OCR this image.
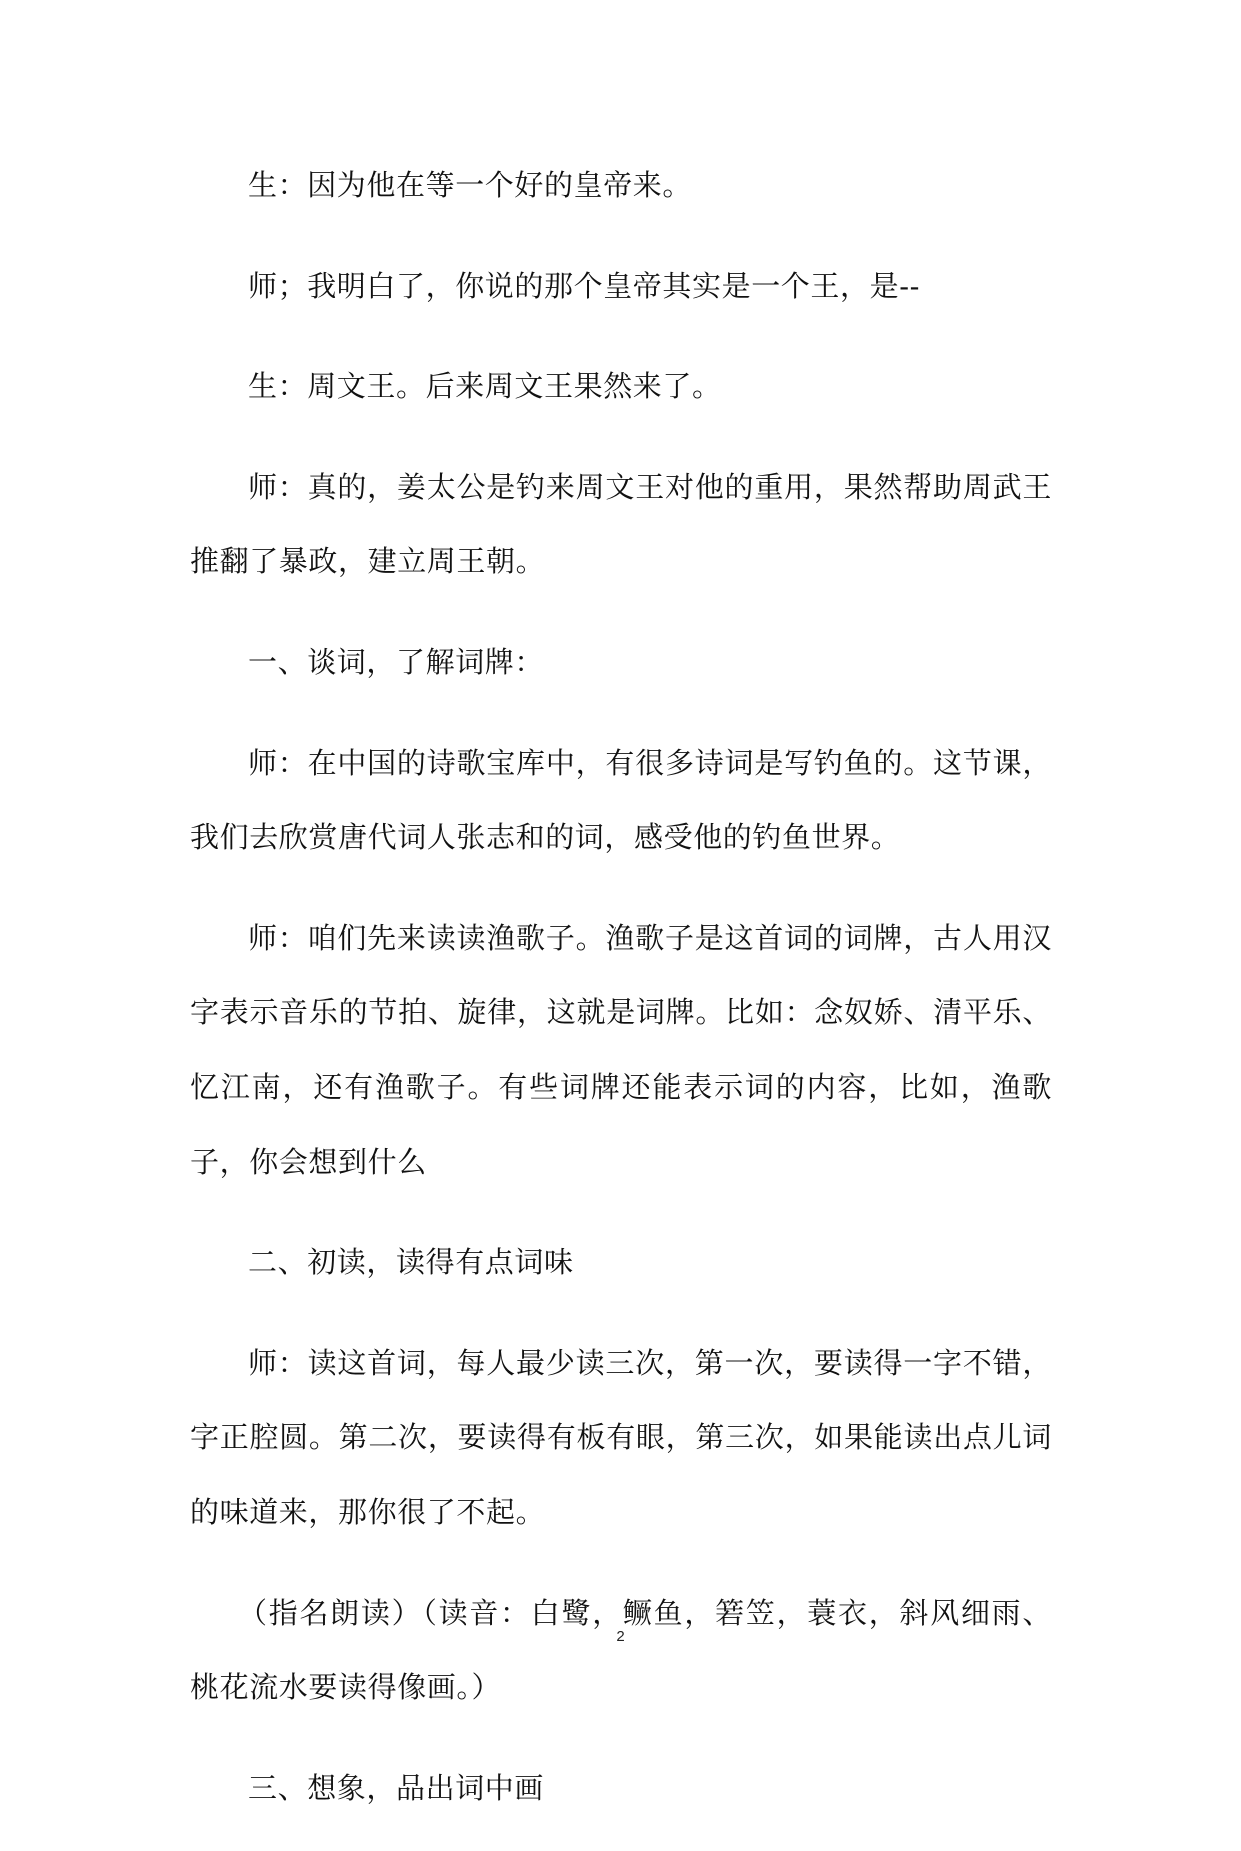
生：因为他在等一个好的皇帝来。

师；我明白了，你说的那个皇帝其实是一个王，是--

生：周文王。后来周文王果然来了。

师：真的，姜太公是钓来周文王对他的重用，果然帮助周武王推翻了暴政，建立周王朝。

一、谈词，了解词牌：

师：在中国的诗歌宝库中，有很多诗词是写钓鱼的。这节课，我们去欣赏唐代词人张志和的词，感受他的钓鱼世界。

师：咱们先来读读渔歌子。渔歌子是这首词的词牌，古人用汉字表示音乐的节拍、旋律，这就是词牌。比如：念奴娇、清平乐、忆江南，还有渔歌子。有些词牌还能表示词的内容，比如，渔歌子，你会想到什么

二、初读，读得有点词味

师：读这首词，每人最少读三次，第一次，要读得一字不错，字正腔圆。第二次，要读得有板有眼，第三次，如果能读出点儿词的味道来，那你很了不起。

（指名朗读）（读音：白鹭，鳜鱼，箬笠，蓑衣，斜风细雨、桃花流水要读得像画。）

三、想象，品出词中画

2
